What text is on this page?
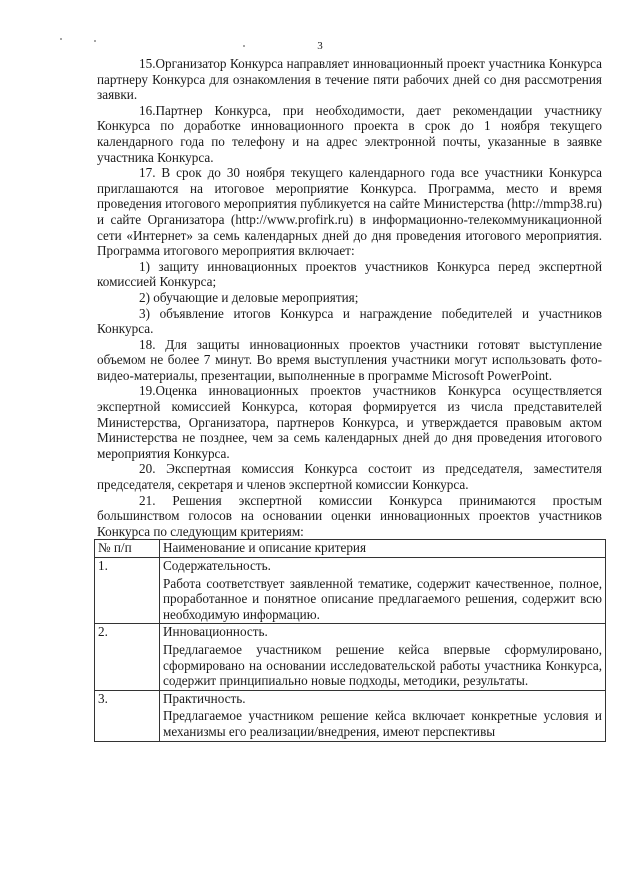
3

15.Организатор Конкурса направляет инновационный проект участника Конкурса партнеру Конкурса для ознакомления в течение пяти рабочих дней со дня рассмотрения заявки.

16.Партнер Конкурса, при необходимости, дает рекомендации участнику Конкурса по доработке инновационного проекта в срок до 1 ноября текущего календарного года по телефону и на адрес электронной почты, указанные в заявке участника Конкурса.

17. В срок до 30 ноября текущего календарного года все участники Конкурса приглашаются на итоговое мероприятие Конкурса. Программа, место и время проведения итогового мероприятия публикуется на сайте Министерства (http://mmp38.ru) и сайте Организатора (http://www.profirk.ru) в информационно-телекоммуникационной сети «Интернет» за семь календарных дней до дня проведения итогового мероприятия. Программа итогового мероприятия включает:

1) защиту инновационных проектов участников Конкурса перед экспертной комиссией Конкурса;

2) обучающие и деловые мероприятия;

3) объявление итогов Конкурса и награждение победителей и участников Конкурса.

18. Для защиты инновационных проектов участники готовят выступление объемом не более 7 минут. Во время выступления участники могут использовать фото-видео-материалы, презентации, выполненные в программе Microsoft PowerPoint.

19.Оценка инновационных проектов участников Конкурса осуществляется экспертной комиссией Конкурса, которая формируется из числа представителей Министерства, Организатора, партнеров Конкурса, и утверждается правовым актом Министерства не позднее, чем за семь календарных дней до дня проведения итогового мероприятия Конкурса.

20. Экспертная комиссия Конкурса состоит из председателя, заместителя председателя, секретаря и членов экспертной комиссии Конкурса.

21. Решения экспертной комиссии Конкурса принимаются простым большинством голосов на основании оценки инновационных проектов участников Конкурса по следующим критериям:

№ п/п	Наименование и описание критерия
1.	Содержательность.

Работа соответствует заявленной тематике, содержит качественное, полное, проработанное и понятное описание предлагаемого решения, содержит всю необходимую информацию.

2.	Инновационность.

Предлагаемое участником решение кейса впервые сформулировано, сформировано на основании исследовательской работы участника Конкурса, содержит принципиально новые подходы, методики, результаты.

3.	Практичность.

Предлагаемое участником решение кейса включает конкретные условия и механизмы его реализации/внедрения, имеют перспективы
